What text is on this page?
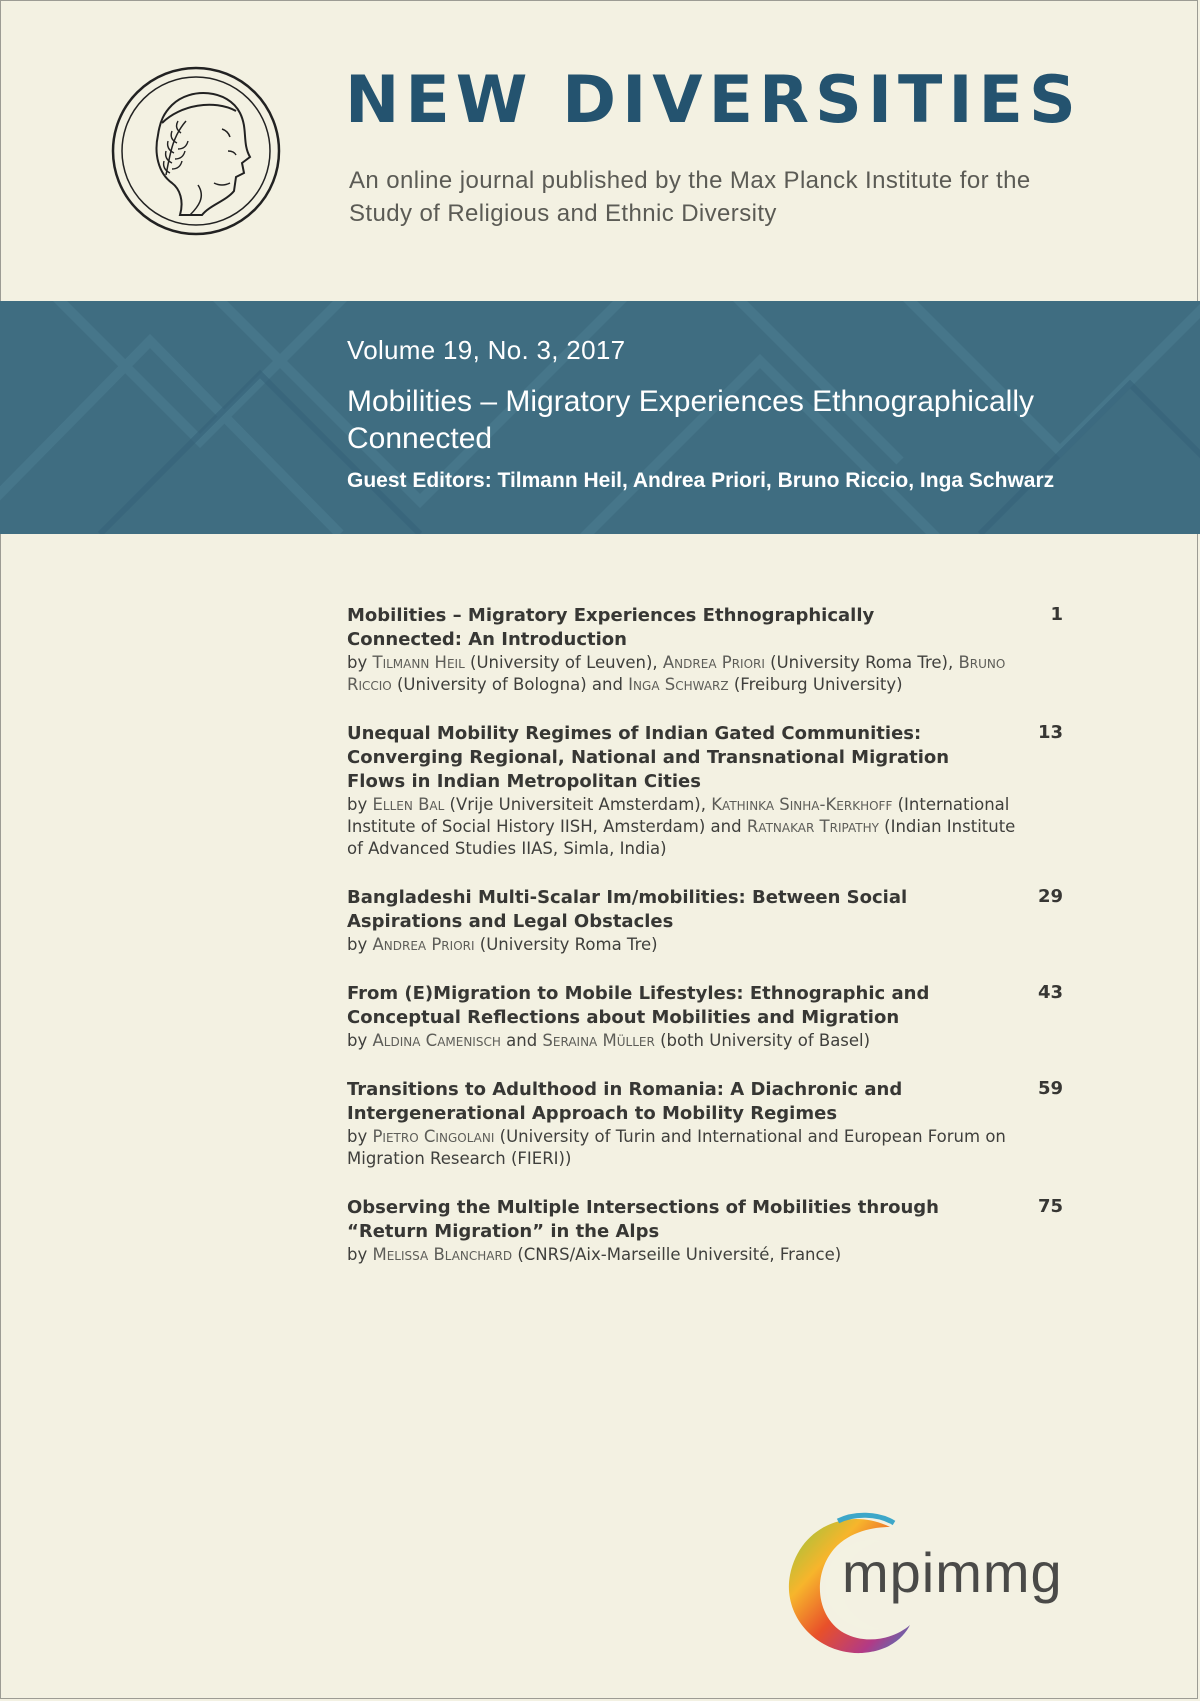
NEW DIVERSITIES
An online journal published by the Max Planck Institute for the Study of Religious and Ethnic Diversity
Volume 19, No. 3, 2017
Mobilities – Migratory Experiences Ethnographically Connected
Guest Editors: Tilmann Heil, Andrea Priori, Bruno Riccio, Inga Schwarz
Mobilities – Migratory Experiences Ethnographically Connected: An Introduction
1
by Tilmann Heil (University of Leuven), Andrea Priori (University Roma Tre), Bruno Riccio (University of Bologna) and Inga Schwarz (Freiburg University)
Unequal Mobility Regimes of Indian Gated Communities: Converging Regional, National and Transnational Migration Flows in Indian Metropolitan Cities
13
by Ellen Bal (Vrije Universiteit Amsterdam), Kathinka Sinha-Kerkhoff (International Institute of Social History IISH, Amsterdam) and Ratnakar Tripathy (Indian Institute of Advanced Studies IIAS, Simla, India)
Bangladeshi Multi-Scalar Im/mobilities: Between Social Aspirations and Legal Obstacles
29
by Andrea Priori (University Roma Tre)
From (E)Migration to Mobile Lifestyles: Ethnographic and Conceptual Reflections about Mobilities and Migration
43
by Aldina Camenisch and Seraina Müller (both University of Basel)
Transitions to Adulthood in Romania: A Diachronic and Intergenerational Approach to Mobility Regimes
59
by Pietro Cingolani (University of Turin and International and European Forum on Migration Research (FIERI))
Observing the Multiple Intersections of Mobilities through “Return Migration” in the Alps
75
by Melissa Blanchard (CNRS/Aix-Marseille Université, France)
mpimmg
